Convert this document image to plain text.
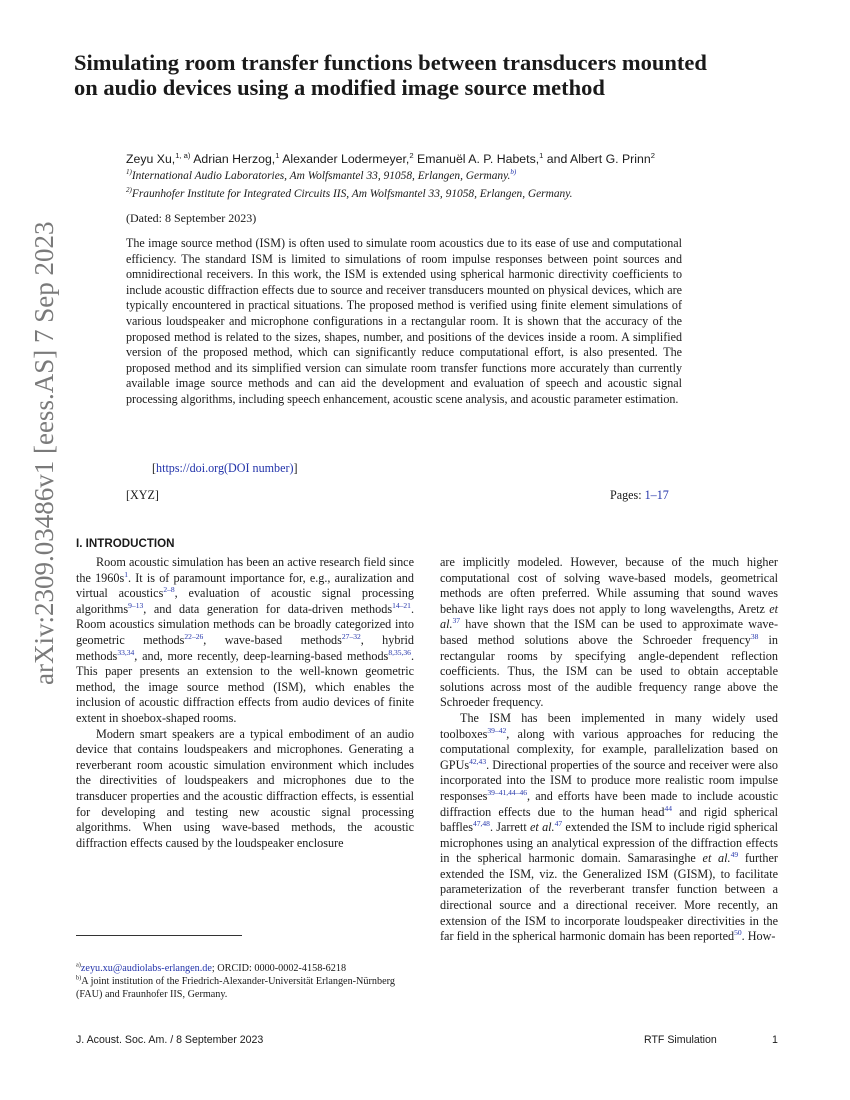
Simulating room transfer functions between transducers mounted on audio devices using a modified image source method
arXiv:2309.03486v1 [eess.AS] 7 Sep 2023
Zeyu Xu,$^{1, a)}$ Adrian Herzog,$^1$ Alexander Lodermeyer,$^2$ Emanuël A. P. Habets,$^1$ and Albert G. Prinn$^2$
$^{1)}$International Audio Laboratories, Am Wolfsmantel 33, 91058, Erlangen, Germany.$^{b)}$
$^{2)}$Fraunhofer Institute for Integrated Circuits IIS, Am Wolfsmantel 33, 91058, Erlangen, Germany.
(Dated: 8 September 2023)

The image source method (ISM) is often used to simulate room acoustics due to its ease of use and computational efficiency. The standard ISM is limited to simulations of room impulse responses between point sources and omnidirectional receivers. In this work, the ISM is extended using spherical harmonic directivity coefficients to include acoustic diffraction effects due to source and receiver transducers mounted on physical devices, which are typically encountered in practical situations. The proposed method is verified using finite element simulations of various loudspeaker and microphone configurations in a rectangular room. It is shown that the accuracy of the proposed method is related to the sizes, shapes, number, and positions of the devices inside a room. A simplified version of the proposed method, which can significantly reduce computational effort, is also presented. The proposed method and its simplified version can simulate room transfer functions more accurately than currently available image source methods and can aid the development and evaluation of speech and acoustic signal processing algorithms, including speech enhancement, acoustic scene analysis, and acoustic parameter estimation.

[https://doi.org(DOI number)]
[XYZ]	Pages: 1–17
I. INTRODUCTION

Room acoustic simulation has been an active research field since the $1960s^1$. It is of paramount importance for, e.g., auralization and virtual acoustics$^{2-8}$, evaluation of acoustic signal processing algorithms$^{9-13}$, and data generation for data-driven methods$^{14-21}$. Room acoustics simulation methods can be broadly categorized into geometric methods$^{22-26}$, wave-based methods$^{27-32}$, hybrid methods$^{33,34}$, and, more recently, deep-learning-based methods$^{8,35,36}$. This paper presents an extension to the well-known geometric method, the image source method (ISM), which enables the inclusion of acoustic diffraction effects from audio devices of finite extent in shoebox-shaped rooms.

Modern smart speakers are a typical embodiment of an audio device that contains loudspeakers and microphones. Generating a reverberant room acoustic simulation environment which includes the directivities of loudspeakers and microphones due to the transducer properties and the acoustic diffraction effects, is essential for developing and testing new acoustic signal processing algorithms. When using wave-based methods, the acoustic diffraction effects caused by the loudspeaker enclosure

are implicitly modeled. However, because of the much higher computational cost of solving wave-based models, geometrical methods are often preferred. While assuming that sound waves behave like light rays does not apply to long wavelengths, Aretz et al.$^{37}$ have shown that the ISM can be used to approximate wave-based method solutions above the Schroeder frequency$^{38}$ in rectangular rooms by specifying angle-dependent reflection coefficients. Thus, the ISM can be used to obtain acceptable solutions across most of the audible frequency range above the Schroeder frequency.

The ISM has been implemented in many widely used toolboxes$^{39-42}$, along with various approaches for reducing the computational complexity, for example, parallelization based on GPUs$^{42,43}$. Directional properties of the source and receiver were also incorporated into the ISM to produce more realistic room impulse responses$^{39-41,44-46}$, and efforts have been made to include acoustic diffraction effects due to the human head$^{44}$ and rigid spherical baffles$^{47,48}$. Jarrett et al.$^{47}$ extended the ISM to include rigid spherical microphones using an analytical expression of the diffraction effects in the spherical harmonic domain. Samarasinghe et al.$^{49}$ further extended the ISM, viz. the Generalized ISM (GISM), to facilitate parameterization of the reverberant transfer function between a directional source and a directional receiver. More recently, an extension of the ISM to incorporate loudspeaker directivities in the far field in the spherical harmonic domain has been reported$^{50}$. How-

$^{a)}$zeyu.xu@audiolabs-erlangen.de; ORCID: 0000-0002-4158-6218
$^{b)}$A joint institution of the Friedrich-Alexander-Universität Erlangen-Nürnberg (FAU) and Fraunhofer IIS, Germany.
J. Acoust. Soc. Am. / 8 September 2023	RTF Simulation	1
